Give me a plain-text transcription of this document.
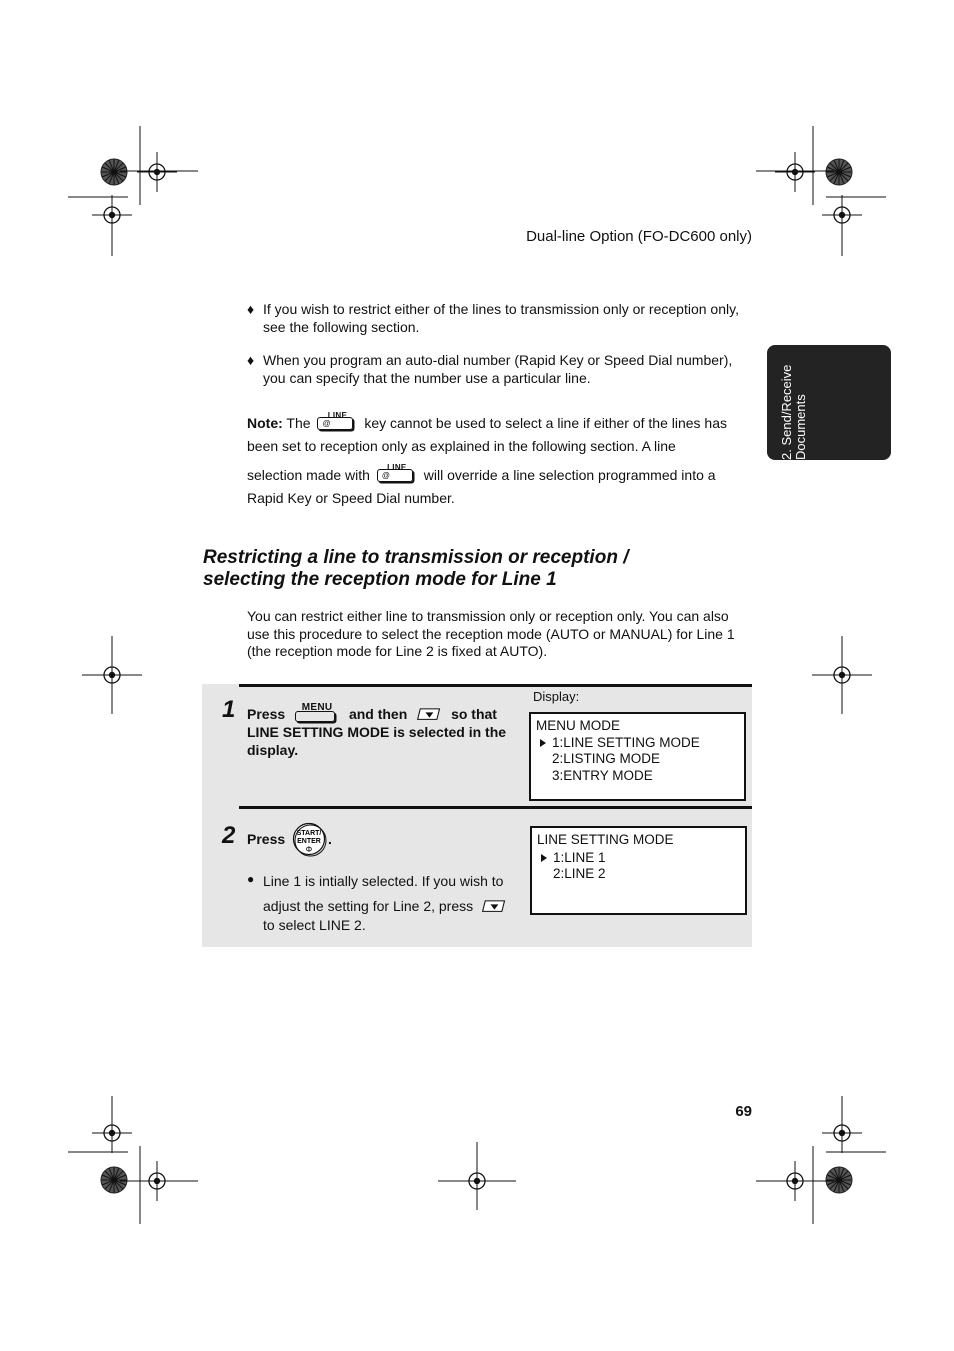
Dual-line Option (FO-DC600 only)
2. Send/Receive Documents
♦ If you wish to restrict either of the lines to transmission only or reception only, see the following section.
♦ When you program an auto-dial number (Rapid Key or Speed Dial number), you can specify that the number use a particular line.
Note: The	LINE
@	key cannot be used to select a line if either of the lines has
been set to reception only as explained in the following section. A line
selection made with	LINE
@	will override a line selection programmed into a
Rapid Key or Speed Dial number.
Restricting a line to transmission or reception /
selecting the reception mode for Line 1
You can restrict either line to transmission only or reception only. You can also use this procedure to select the reception mode (AUTO or MANUAL) for Line 1 (the reception mode for Line 2 is fixed at AUTO).
1 Press	MENU	and then	so that
LINE SETTING MODE is selected in the display.
Display:
MENU MODE
1:LINE SETTING MODE
2:LISTING MODE
3:ENTRY MODE
2 Press START/
ENTER
Φ
.
● Line 1 is intially selected. If you wish to
adjust the setting for Line 2, press
to select LINE 2.
LINE SETTING MODE
1:LINE 1
2:LINE 2
69
